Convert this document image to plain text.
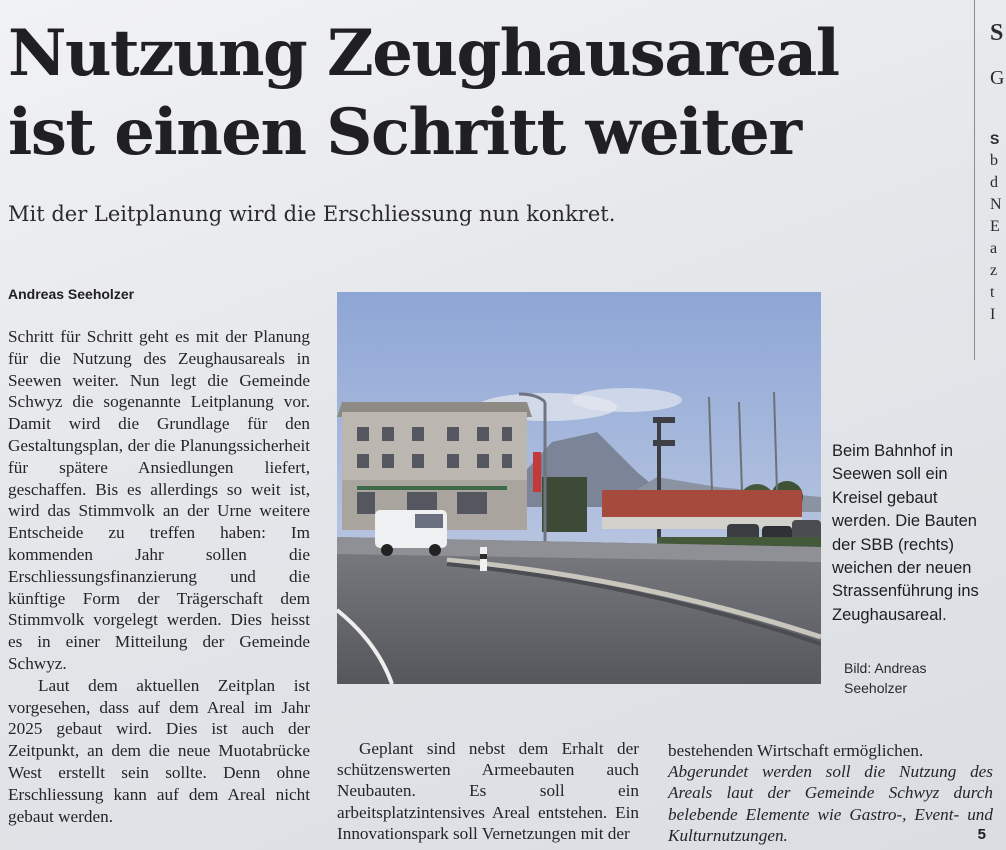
Nutzung Zeughausareal
ist einen Schritt weiter

Mit der Leitplanung wird die Erschliessung nun konkret.

Andreas Seeholzer

Schritt für Schritt geht es mit der Planung für die Nutzung des Zeughausareals in Seewen weiter. Nun legt die Gemeinde Schwyz die sogenannte Leitplanung vor. Damit wird die Grundlage für den Gestaltungsplan, der die Planungssicherheit für spätere Ansiedlungen liefert, geschaffen. Bis es allerdings so weit ist, wird das Stimmvolk an der Urne weitere Entscheide zu treffen haben: Im kommenden Jahr sollen die Erschliessungsfinanzierung und die künftige Form der Trägerschaft dem Stimmvolk vorgelegt werden. Dies heisst es in einer Mitteilung der Gemeinde Schwyz.

Laut dem aktuellen Zeitplan ist vorgesehen, dass auf dem Areal im Jahr 2025 gebaut wird. Dies ist auch der Zeitpunkt, an dem die neue Muotabrücke West erstellt sein sollte. Denn ohne Erschliessung kann auf dem Areal nicht gebaut werden.

Beim Bahnhof in Seewen soll ein Kreisel gebaut werden. Die Bauten der SBB (rechts) weichen der neuen Strassenführung ins Zeughausareal.
Bild: Andreas Seeholzer
Geplant sind nebst dem Erhalt der schützenswerten Armeebauten auch Neubauten. Es soll ein arbeitsplatzintensives Areal entstehen. Ein Innovationspark soll Vernetzungen mit der

bestehenden Wirtschaft ermöglichen.

Abgerundet werden soll die Nutzung des Areals laut der Gemeinde Schwyz durch belebende Elemente wie Gastro-, Event- und Kulturnutzungen.	5
S
G
S
b
d
N
E
a
z
t
I
